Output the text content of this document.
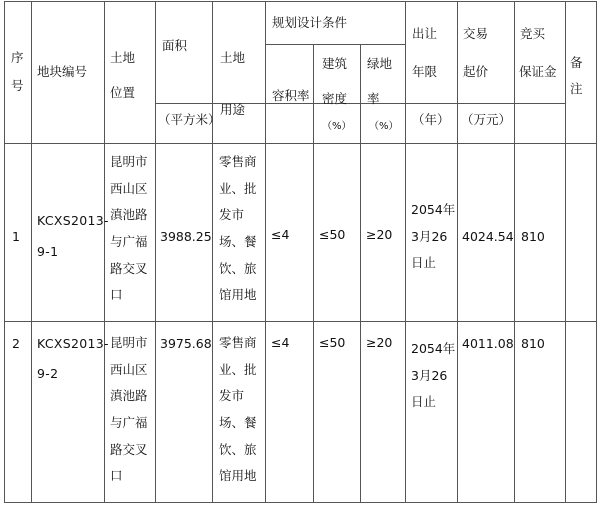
序
号
地块编号
土地
位置
面积
（平方米）
土地
用途
规划设计条件
容积率
建筑
密度
（%）
绿地
率
（%）
出让
年限
（年）
交易
起价
（万元）
竞买
保证金
备
注
1
KCXS2013-
9-1
昆明市
西山区
滇池路
与广福
路交叉
口
3988.25
零售商
业、批
发市
场、餐
饮、旅
馆用地
≤4 ≤50 ≥20
2054年
3月26
日止
4024.54 810
2 KCXS2013-
9-2
昆明市
西山区
滇池路
与广福
路交叉
口
3975.68 零售商
业、批
发市
场、餐
饮、旅
馆用地
≤4 ≤50 ≥20 2054年
3月26
日止
4011.08 810
